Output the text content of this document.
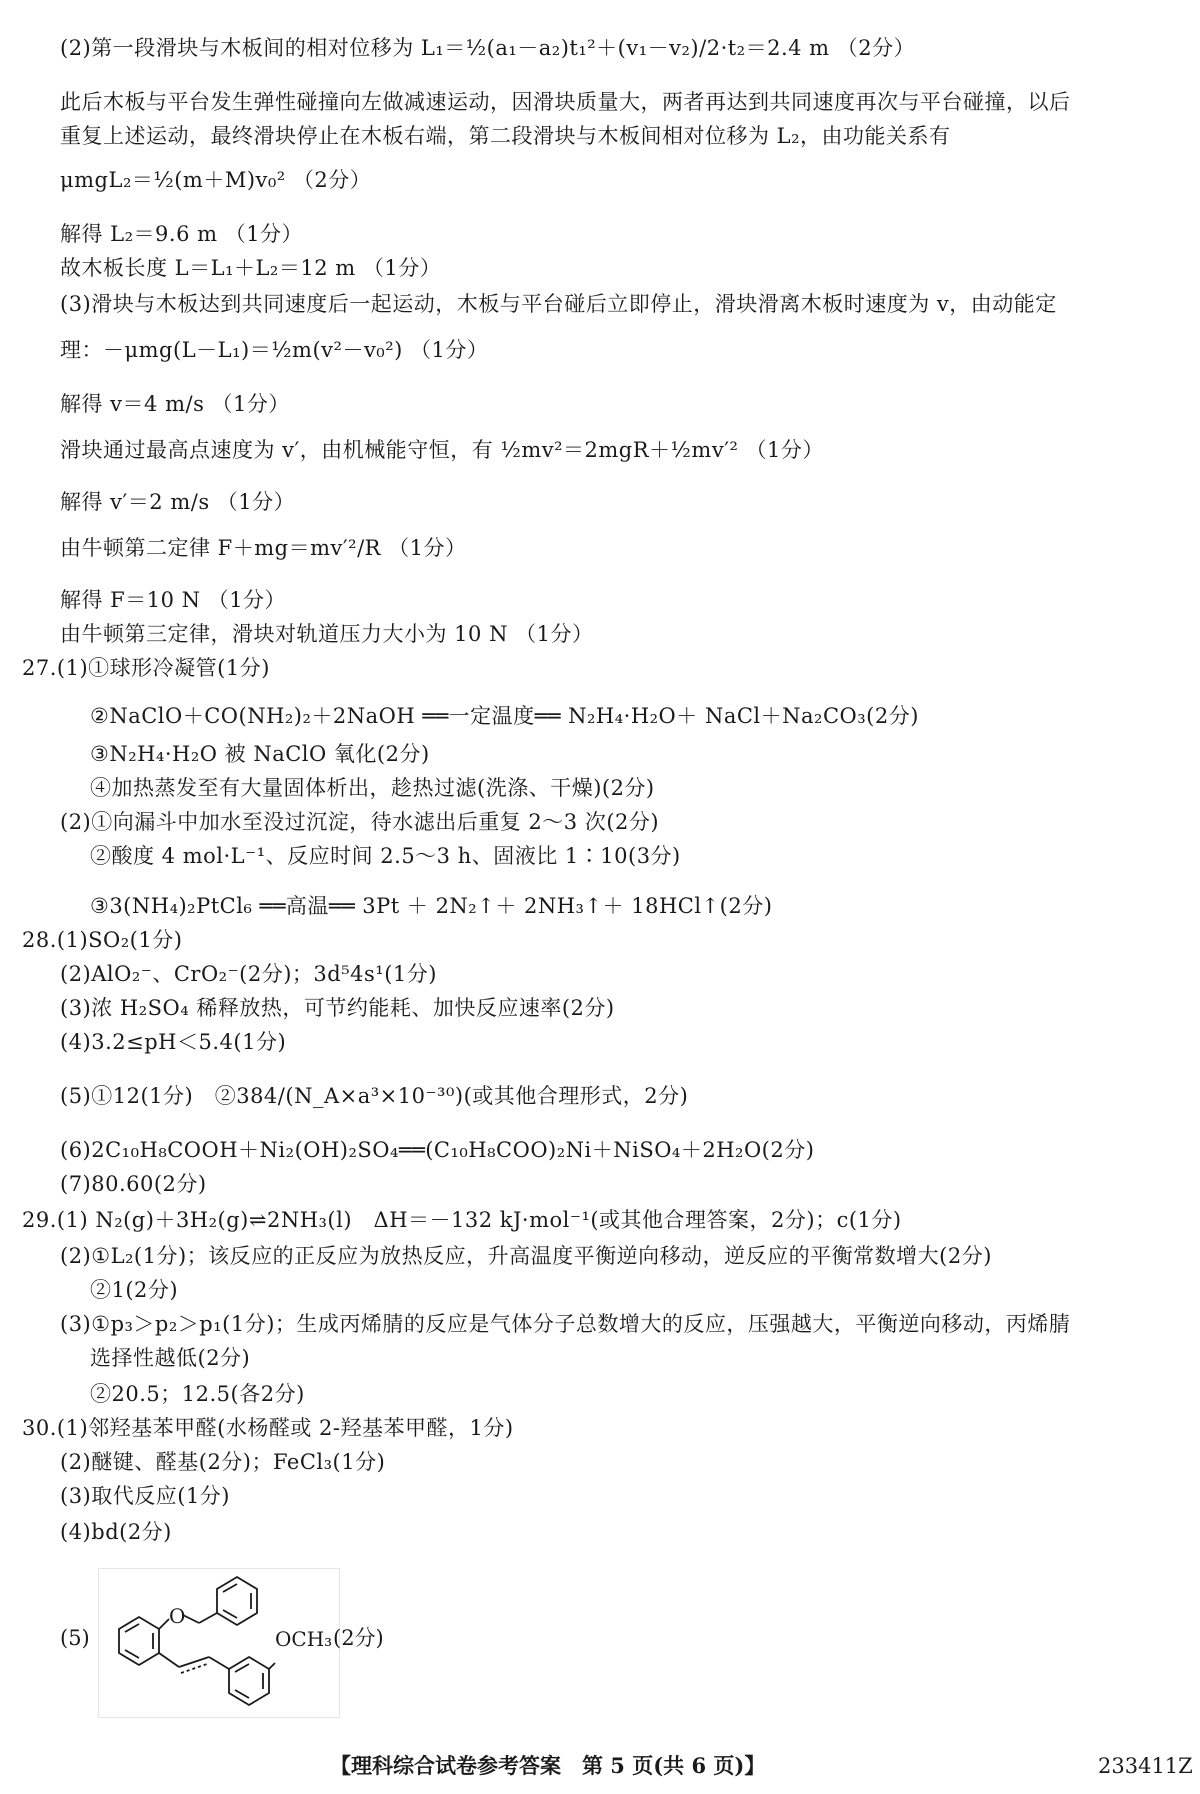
(2)第一段滑块与木板间的相对位移为 L₁＝½(a₁－a₂)t₁²＋(v₁－v₂)/2·t₂＝2.4 m （2分）
此后木板与平台发生弹性碰撞向左做减速运动，因滑块质量大，两者再达到共同速度再次与平台碰撞，以后
重复上述运动，最终滑块停止在木板右端，第二段滑块与木板间相对位移为 L₂，由功能关系有
μmgL₂＝½(m＋M)v₀² （2分）
解得 L₂＝9.6 m （1分）
故木板长度 L＝L₁＋L₂＝12 m （1分）
(3)滑块与木板达到共同速度后一起运动，木板与平台碰后立即停止，滑块滑离木板时速度为 v，由动能定
理：－μmg(L－L₁)＝½m(v²－v₀²) （1分）
解得 v＝4 m/s （1分）
滑块通过最高点速度为 v′，由机械能守恒，有 ½mv²＝2mgR＋½mv′² （1分）
解得 v′＝2 m/s （1分）
由牛顿第二定律 F＋mg＝mv′²/R （1分）
解得 F＝10 N （1分）
由牛顿第三定律，滑块对轨道压力大小为 10 N （1分）
27.(1)①球形冷凝管(1分)
②NaClO＋CO(NH₂)₂＋2NaOH ══一定温度══ N₂H₄·H₂O＋ NaCl＋Na₂CO₃(2分)
③N₂H₄·H₂O 被 NaClO 氧化(2分)
④加热蒸发至有大量固体析出，趁热过滤(洗涤、干燥)(2分)
(2)①向漏斗中加水至没过沉淀，待水滤出后重复 2～3 次(2分)
②酸度 4 mol·L⁻¹、反应时间 2.5～3 h、固液比 1∶10(3分)
③3(NH₄)₂PtCl₆ ══高温══ 3Pt ＋ 2N₂↑＋ 2NH₃↑＋ 18HCl↑(2分)
28.(1)SO₂(1分)
(2)AlO₂⁻、CrO₂⁻(2分)；3d⁵4s¹(1分)
(3)浓 H₂SO₄ 稀释放热，可节约能耗、加快反应速率(2分)
(4)3.2≤pH＜5.4(1分)
(5)①12(1分)　②384/(N_A×a³×10⁻³⁰)(或其他合理形式，2分)
(6)2C₁₀H₈COOH＋Ni₂(OH)₂SO₄══(C₁₀H₈COO)₂Ni＋NiSO₄＋2H₂O(2分)
(7)80.60(2分)
29.(1) N₂(g)＋3H₂(g)⇌2NH₃(l)　ΔH＝－132 kJ·mol⁻¹(或其他合理答案，2分)；c(1分)
(2)①L₂(1分)；该反应的正反应为放热反应，升高温度平衡逆向移动，逆反应的平衡常数增大(2分)
②1(2分)
(3)①p₃＞p₂＞p₁(1分)；生成丙烯腈的反应是气体分子总数增大的反应，压强越大，平衡逆向移动，丙烯腈
选择性越低(2分)
②20.5；12.5(各2分)
30.(1)邻羟基苯甲醛(水杨醛或 2-羟基苯甲醛，1分)
(2)醚键、醛基(2分)；FeCl₃(1分)
(3)取代反应(1分)
(4)bd(2分)
(5)
O
OCH₃ (2分)
【理科综合试卷参考答案　第 5 页(共 6 页)】	233411Z
